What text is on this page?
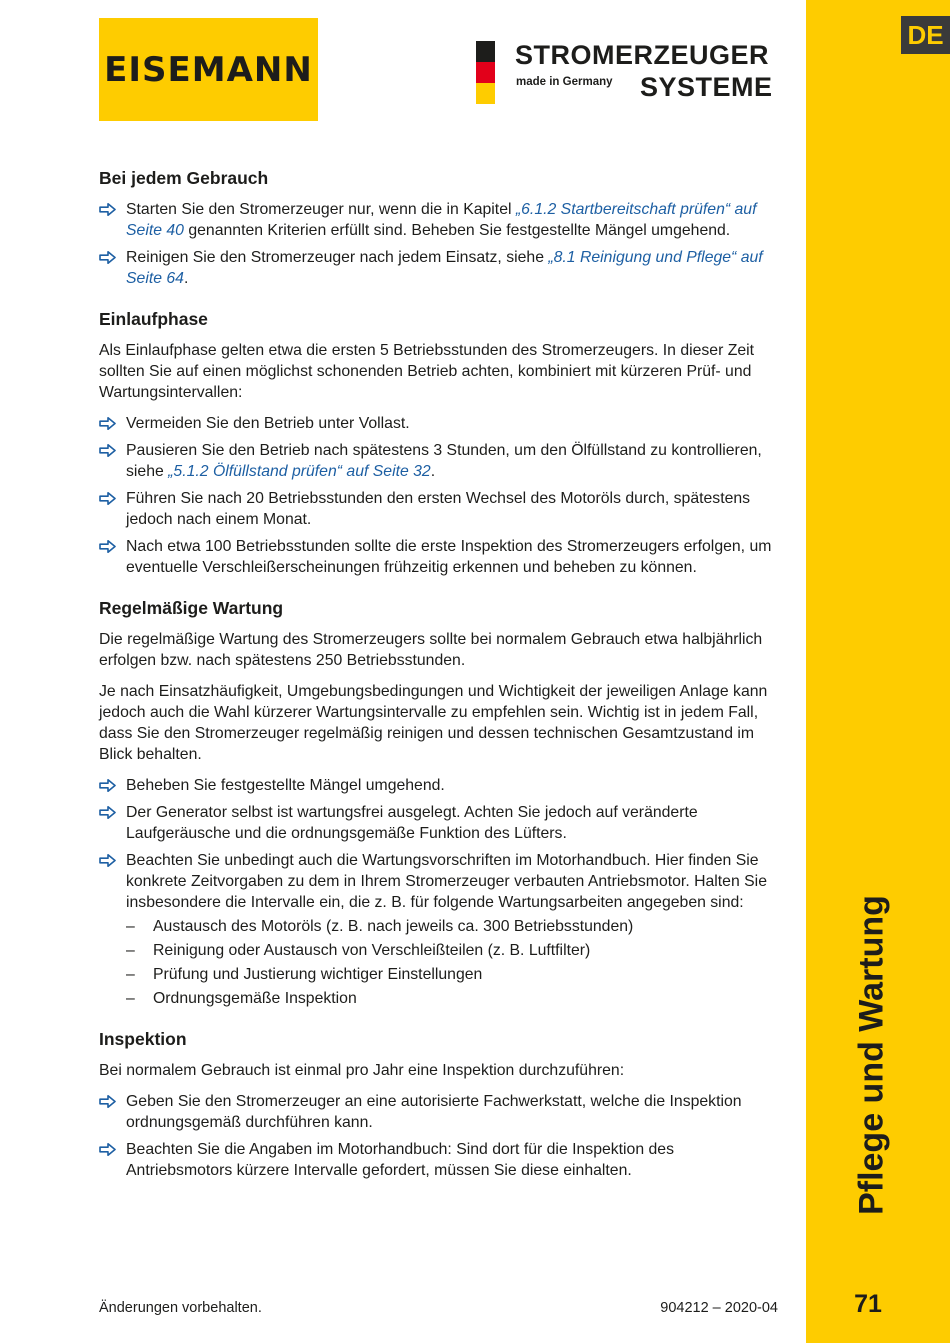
EISEMANN	STROMERZEUGER
made in Germany SYSTEME
DE
Pflege und Wartung
71
Bei jedem Gebrauch
Starten Sie den Stromerzeuger nur, wenn die in Kapitel „6.1.2 Startbereitschaft prüfen“ auf Seite 40 genannten Kriterien erfüllt sind. Beheben Sie festgestellte Mängel umgehend.
Reinigen Sie den Stromerzeuger nach jedem Einsatz, siehe „8.1 Reinigung und Pflege“ auf Seite 64.
Einlaufphase

Als Einlaufphase gelten etwa die ersten 5 Betriebsstunden des Stromerzeugers. In dieser Zeit sollten Sie auf einen möglichst schonenden Betrieb achten, kombiniert mit kürzeren Prüf- und Wartungsintervallen:

Vermeiden Sie den Betrieb unter Vollast.
Pausieren Sie den Betrieb nach spätestens 3 Stunden, um den Ölfüllstand zu kontrollieren, siehe „5.1.2 Ölfüllstand prüfen“ auf Seite 32.
Führen Sie nach 20 Betriebsstunden den ersten Wechsel des Motoröls durch, spätestens jedoch nach einem Monat.
Nach etwa 100 Betriebsstunden sollte die erste Inspektion des Stromerzeugers erfolgen, um eventuelle Verschleißerscheinungen frühzeitig erkennen und beheben zu können.
Regelmäßige Wartung

Die regelmäßige Wartung des Stromerzeugers sollte bei normalem Gebrauch etwa halbjährlich erfolgen bzw. nach spätestens 250 Betriebsstunden.

Je nach Einsatzhäufigkeit, Umgebungsbedingungen und Wichtigkeit der jeweiligen Anlage kann jedoch auch die Wahl kürzerer Wartungsintervalle zu empfehlen sein. Wichtig ist in jedem Fall, dass Sie den Stromerzeuger regelmäßig reinigen und dessen technischen Gesamtzustand im Blick behalten.

Beheben Sie festgestellte Mängel umgehend.
Der Generator selbst ist wartungsfrei ausgelegt. Achten Sie jedoch auf veränderte Laufgeräusche und die ordnungsgemäße Funktion des Lüfters.
Beachten Sie unbedingt auch die Wartungsvorschriften im Motorhandbuch. Hier finden Sie konkrete Zeitvorgaben zu dem in Ihrem Stromerzeuger verbauten Antriebsmotor. Halten Sie insbesondere die Intervalle ein, die z. B. für folgende Wartungsarbeiten angegeben sind:
– Austausch des Motoröls (z. B. nach jeweils ca. 300 Betriebsstunden)
– Reinigung oder Austausch von Verschleißteilen (z. B. Luftfilter)
– Prüfung und Justierung wichtiger Einstellungen
– Ordnungsgemäße Inspektion
Inspektion

Bei normalem Gebrauch ist einmal pro Jahr eine Inspektion durchzuführen:

Geben Sie den Stromerzeuger an eine autorisierte Fachwerkstatt, welche die Inspektion ordnungsgemäß durchführen kann.
Beachten Sie die Angaben im Motorhandbuch: Sind dort für die Inspektion des Antriebsmotors kürzere Intervalle gefordert, müssen Sie diese einhalten.
Änderungen vorbehalten.	904212 – 2020-04
